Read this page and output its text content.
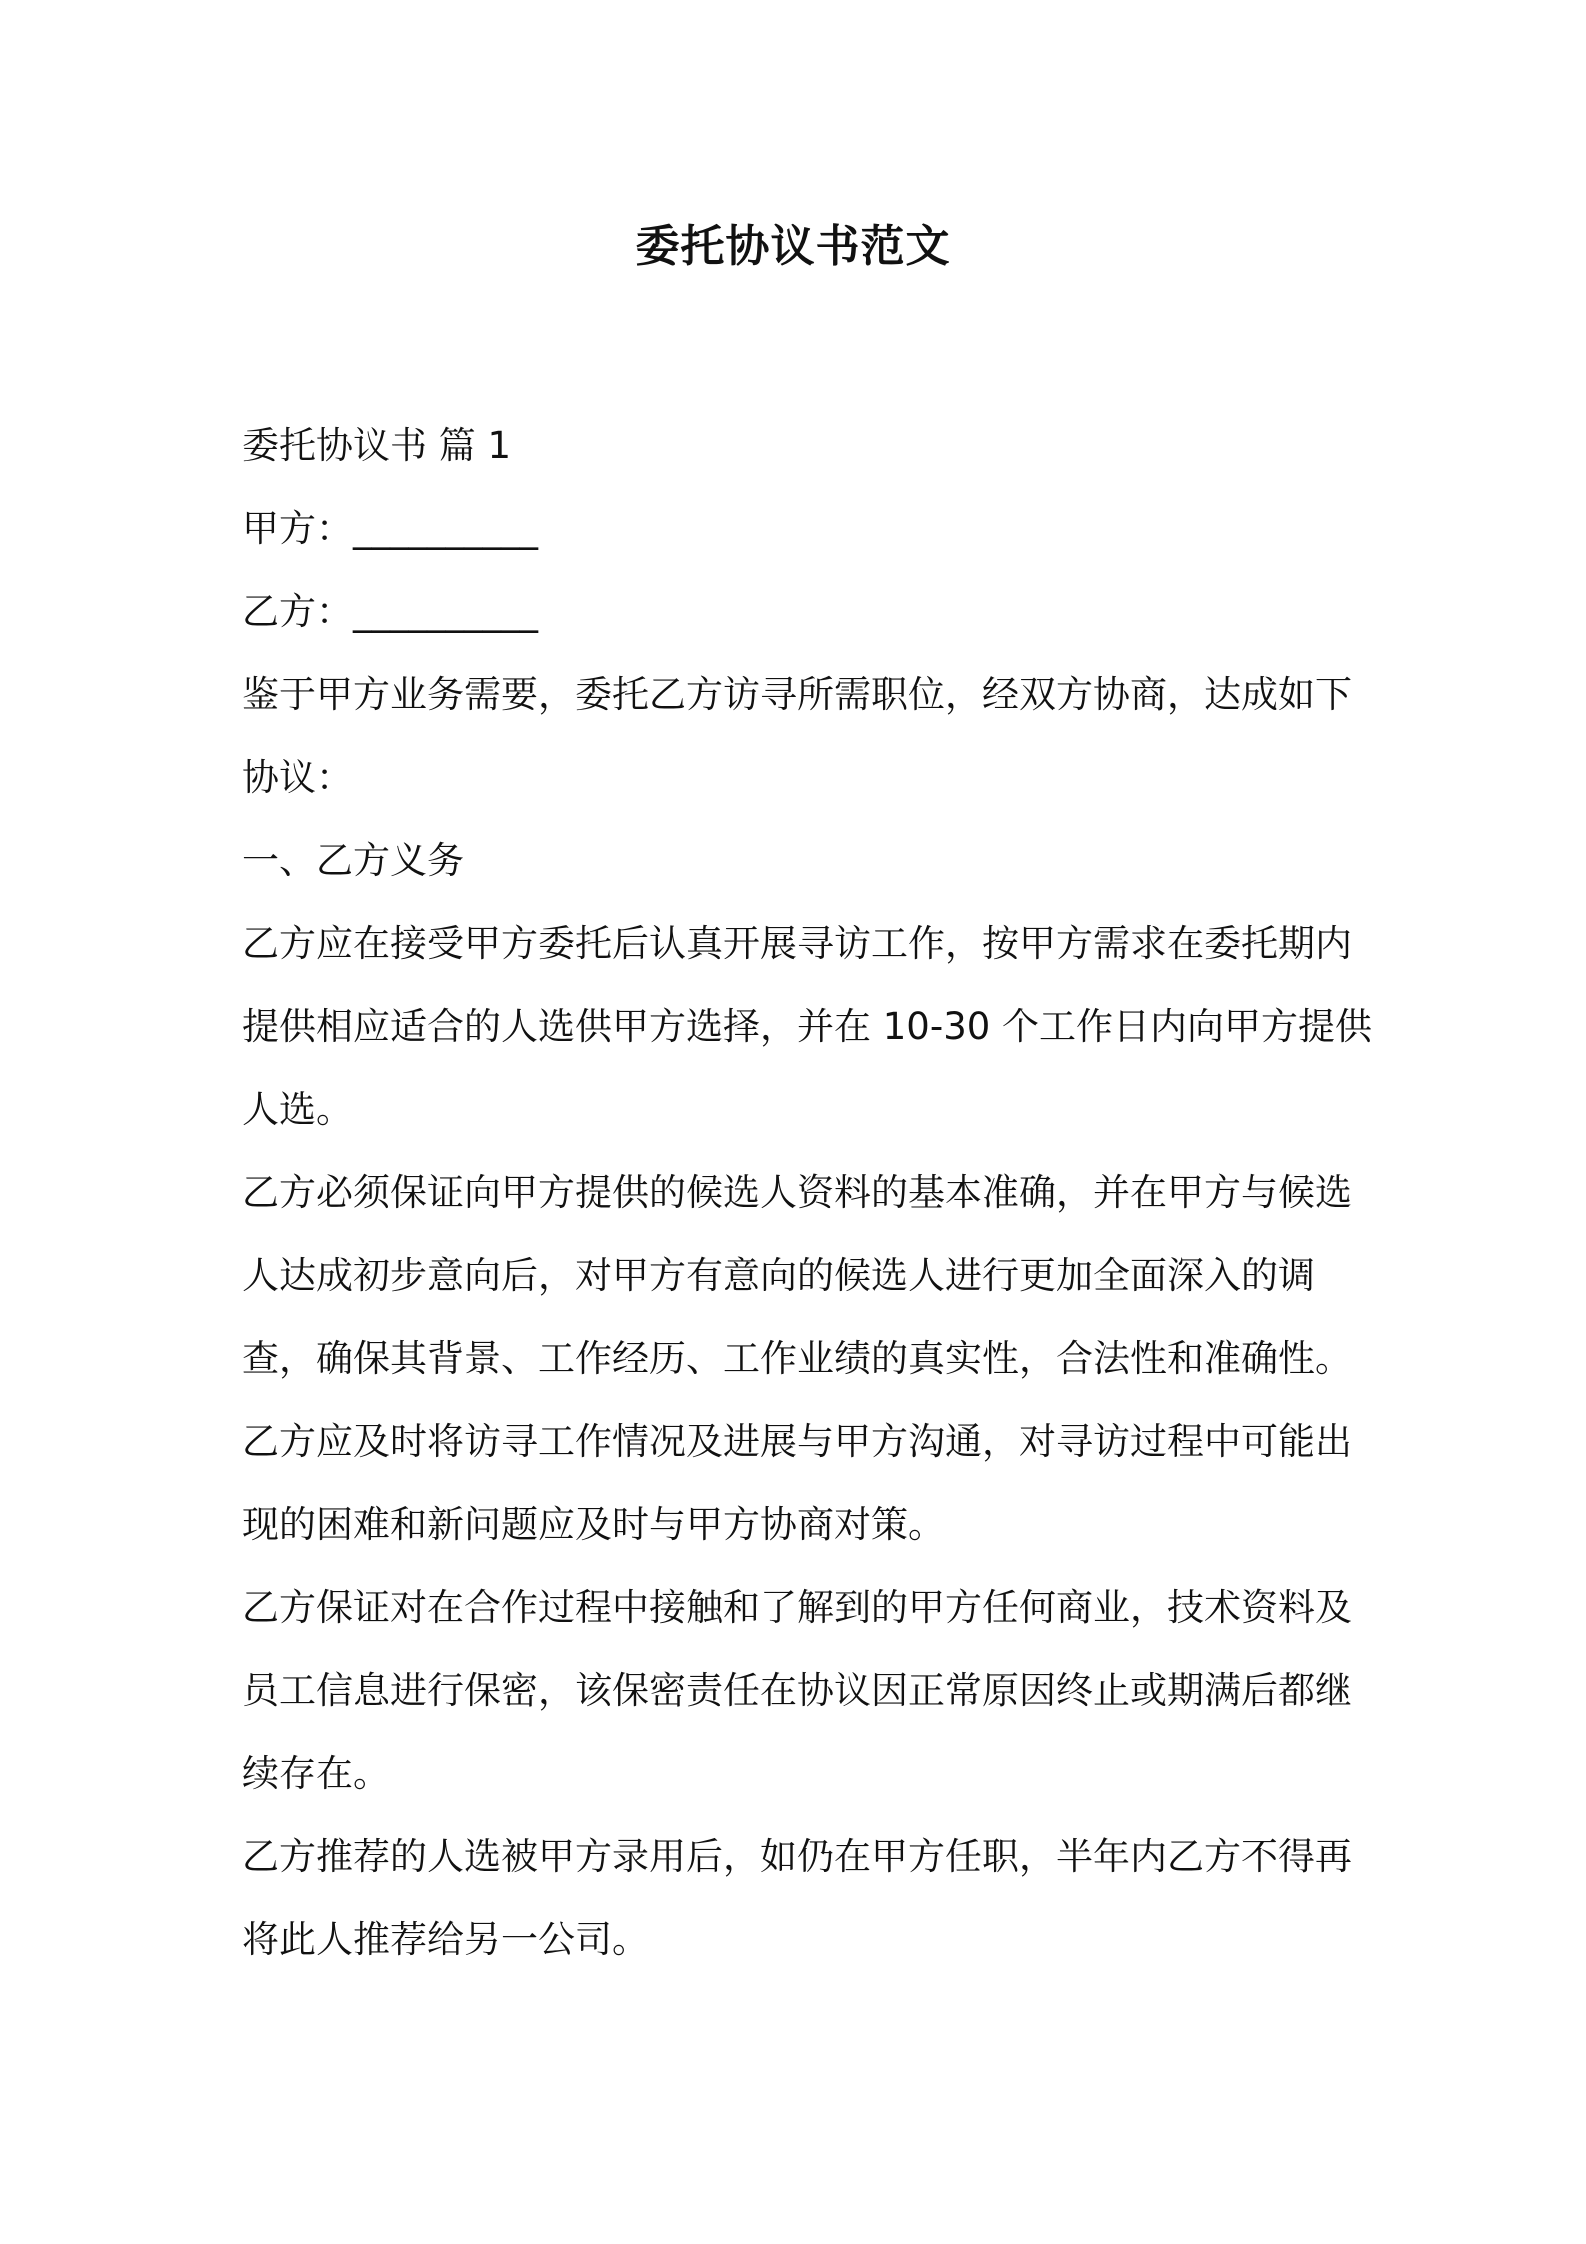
委托协议书范文

委托协议书 篇 1

甲方：__________

乙方：__________

鉴于甲方业务需要，委托乙方访寻所需职位，经双方协商，达成如下协议：

一、乙方义务

乙方应在接受甲方委托后认真开展寻访工作，按甲方需求在委托期内提供相应适合的人选供甲方选择，并在 10-30 个工作日内向甲方提供人选。

乙方必须保证向甲方提供的候选人资料的基本准确，并在甲方与候选人达成初步意向后，对甲方有意向的候选人进行更加全面深入的调查，确保其背景、工作经历、工作业绩的真实性，合法性和准确性。

乙方应及时将访寻工作情况及进展与甲方沟通，对寻访过程中可能出现的困难和新问题应及时与甲方协商对策。

乙方保证对在合作过程中接触和了解到的甲方任何商业，技术资料及员工信息进行保密，该保密责任在协议因正常原因终止或期满后都继续存在。

乙方推荐的人选被甲方录用后，如仍在甲方任职，半年内乙方不得再将此人推荐给另一公司。
